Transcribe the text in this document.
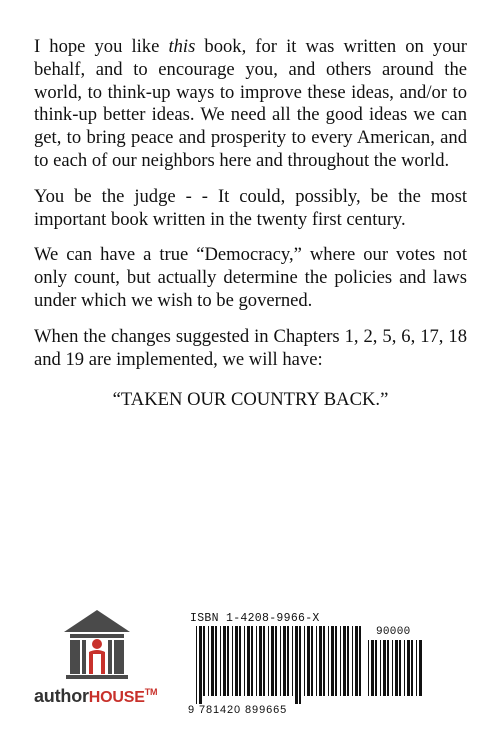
I hope you like this book, for it was written on your behalf, and to encourage you, and others around the world, to think-up ways to improve these ideas, and/or to think-up better ideas. We need all the good ideas we can get, to bring peace and prosperity to every American, and to each of our neighbors here and throughout the world.

You be the judge - - It could, possibly, be the most important book written in the twenty first century.

We can have a true “Democracy,” where our votes not only count, but actually determine the policies and laws under which we wish to be governed.

When the changes suggested in Chapters 1, 2, 5, 6, 17, 18 and 19 are implemented, we will have:

“TAKEN OUR COUNTRY BACK.”

authorHOUSE™
ISBN 1-4208-9966-X
90000
9 781420 899665
